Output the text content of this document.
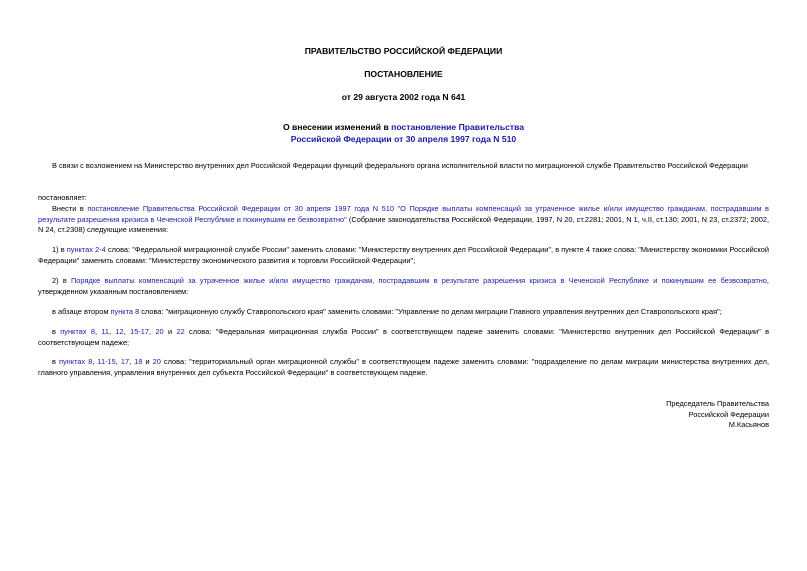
ПРАВИТЕЛЬСТВО РОССИЙСКОЙ ФЕДЕРАЦИИ
ПОСТАНОВЛЕНИЕ
от 29 августа 2002 года N 641
О внесении изменений в постановление Правительства
Российской Федерации от 30 апреля 1997 года N 510
В связи с возложением на Министерство внутренних дел Российской Федерации функций федерального органа исполнительной власти по миграционной службе Правительство Российской Федерации
постановляет:
Внести в постановление Правительства Российской Федерации от 30 апреля 1997 года N 510 "О Порядке выплаты компенсаций за утраченное жилье и/или имущество гражданам, пострадавшим в результате разрешения кризиса в Чеченской Республике и покинувшим ее безвозвратно" (Собрание законодательства Российской Федерации, 1997, N 20, ст.2281; 2001, N 1, ч.II, ст.130; 2001, N 23, ст.2372; 2002, N 24, ст.2308) следующие изменения:
1) в пунктах 2-4 слова: "Федеральной миграционной службе России" заменить словами: "Министерству внутренних дел Российской Федерации", в пункте 4 также слова: "Министерству экономики Российской Федерации" заменить словами: "Министерству экономического развития и торговли Российской Федерации";
2) в Порядке выплаты компенсаций за утраченное жилье и/или имущество гражданам, пострадавшим в результате разрешения кризиса в Чеченской Республике и покинувшим ее безвозвратно, утвержденном указанным постановлением:
в абзаце втором пункта 8 слова: "миграционную службу Ставропольского края" заменить словами: "Управление по делам миграции Главного управления внутренних дел Ставропольского края";
в пунктах 8, 11, 12, 15-17, 20 и 22 слова: "Федеральная миграционная служба России" в соответствующем падеже заменить словами: "Министерство внутренних дел Российской Федерации" в соответствующем падеже;
в пунктах 8, 11-15, 17, 18 и 20 слова: "территориальный орган миграционной службы" в соответствующем падеже заменить словами: "подразделение по делам миграции министерства внутренних дел, главного управления, управления внутренних дел субъекта Российской Федерации" в соответствующем падеже.
Председатель Правительства
Российской Федерации
М.Касьянов
